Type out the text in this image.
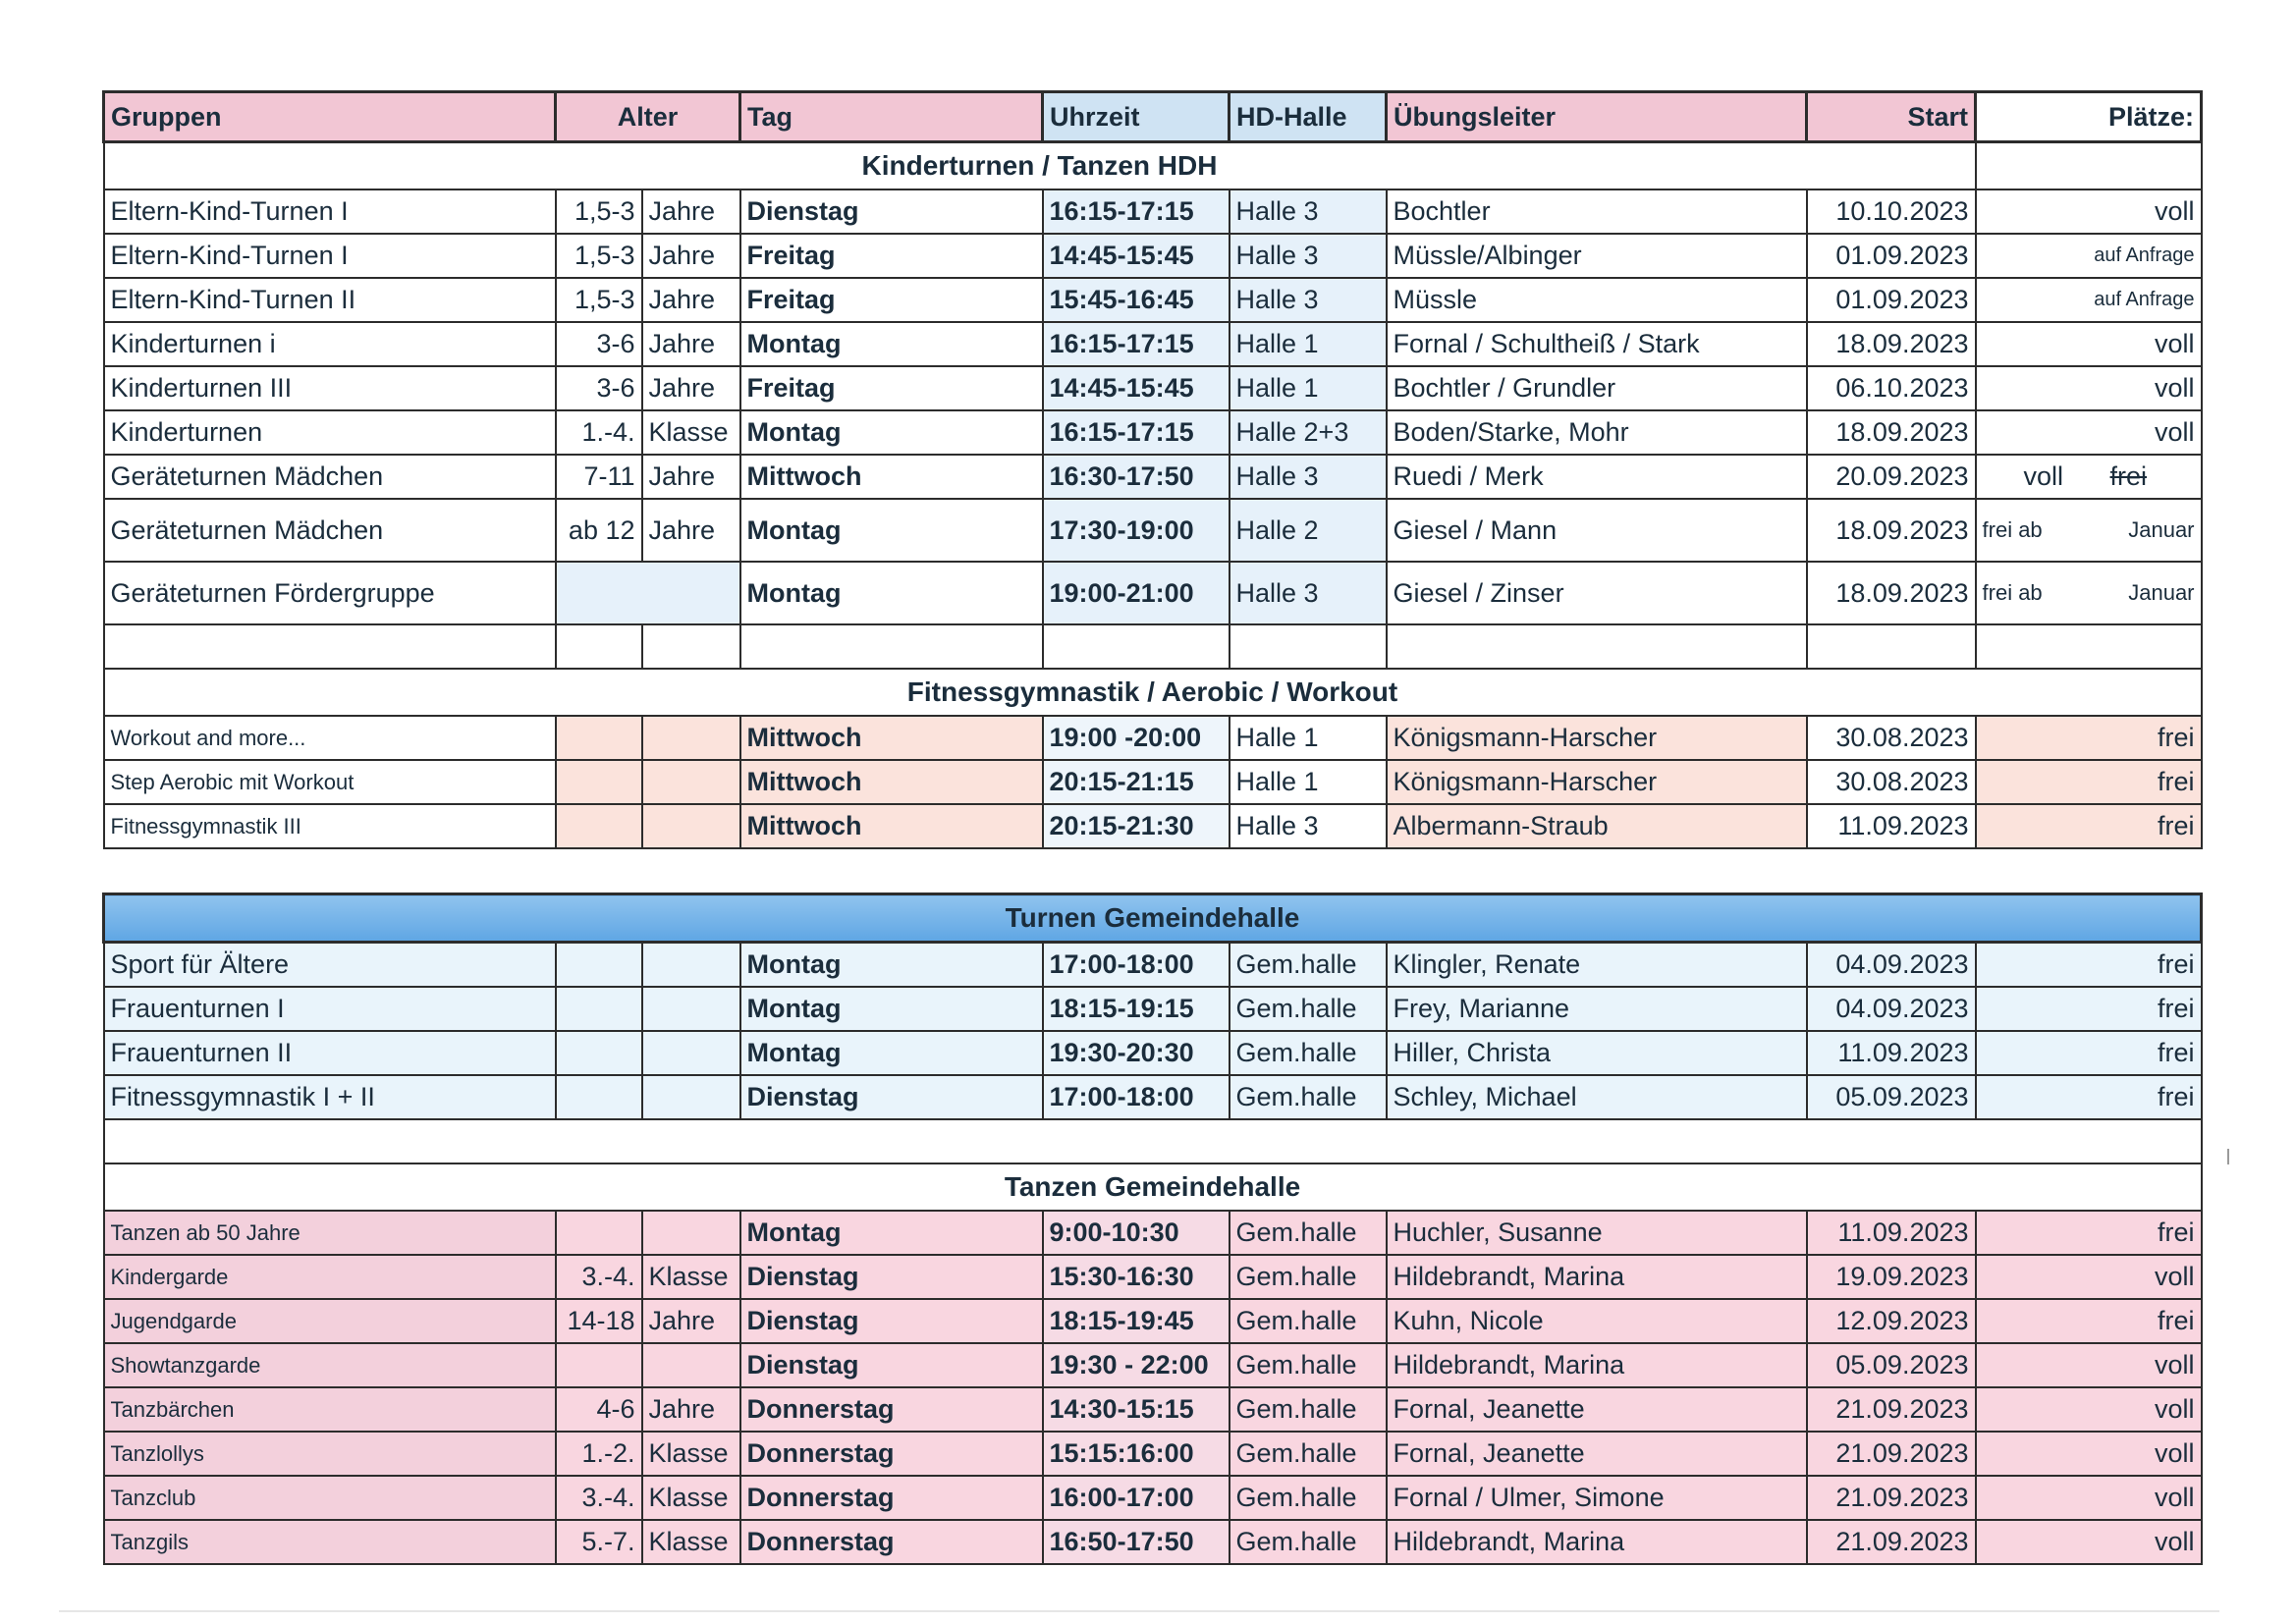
Gruppen	Alter		Tag	Uhrzeit	HD-Halle	Übungsleiter	Start	Plätze:
Kinderturnen / Tanzen HDH								
Eltern-Kind-Turnen I	1,5-3	Jahre	Dienstag	16:15-17:15	Halle 3	Bochtler	10.10.2023	voll
Eltern-Kind-Turnen I	1,5-3	Jahre	Freitag	14:45-15:45	Halle 3	Müssle/Albinger	01.09.2023	auf Anfrage
Eltern-Kind-Turnen II	1,5-3	Jahre	Freitag	15:45-16:45	Halle 3	Müssle	01.09.2023	auf Anfrage
Kinderturnen i	3-6	Jahre	Montag	16:15-17:15	Halle 1	Fornal / Schultheiß / Stark	18.09.2023	voll
Kinderturnen III	3-6	Jahre	Freitag	14:45-15:45	Halle 1	Bochtler / Grundler	06.10.2023	voll
Kinderturnen	1.-4.	Klasse	Montag	16:15-17:15	Halle 2+3	Boden/Starke, Mohr	18.09.2023	voll
Geräteturnen Mädchen	7-11	Jahre	Mittwoch	16:30-17:50	Halle 3	Ruedi / Merk	20.09.2023	voll frei
Geräteturnen Mädchen	ab 12	Jahre	Montag	17:30-19:00	Halle 2	Giesel / Mann	18.09.2023	frei ab Januar

Geräteturnen Fördergruppe			Montag	19:00-21:00	Halle 3	Giesel / Zinser	18.09.2023	frei ab Januar

Fitnessgymnastik / Aerobic / Workout								
Workout and more...			Mittwoch	19:00 -20:00	Halle 1	Königsmann-Harscher	30.08.2023	frei
Step Aerobic mit Workout			Mittwoch	20:15-21:15	Halle 1	Königsmann-Harscher	30.08.2023	frei
Fitnessgymnastik III			Mittwoch	20:15-21:30	Halle 3	Albermann-Straub	11.09.2023	frei

Turnen Gemeindehalle								
Sport für Ältere			Montag	17:00-18:00	Gem.halle	Klingler, Renate	04.09.2023	frei
Frauenturnen I			Montag	18:15-19:15	Gem.halle	Frey, Marianne	04.09.2023	frei
Frauenturnen II			Montag	19:30-20:30	Gem.halle	Hiller, Christa	11.09.2023	frei
Fitnessgymnastik I + II			Dienstag	17:00-18:00	Gem.halle	Schley, Michael	05.09.2023	frei

Tanzen Gemeindehalle								
Tanzen ab 50 Jahre			Montag	9:00-10:30	Gem.halle	Huchler, Susanne	11.09.2023	frei
Kindergarde	3.-4.	Klasse	Dienstag	15:30-16:30	Gem.halle	Hildebrandt, Marina	19.09.2023	voll
Jugendgarde	14-18	Jahre	Dienstag	18:15-19:45	Gem.halle	Kuhn, Nicole	12.09.2023	frei
Showtanzgarde			Dienstag	19:30 - 22:00	Gem.halle	Hildebrandt, Marina	05.09.2023	voll
Tanzbärchen	4-6	Jahre	Donnerstag	14:30-15:15	Gem.halle	Fornal, Jeanette	21.09.2023	voll
Tanzlollys	1.-2.	Klasse	Donnerstag	15:15:16:00	Gem.halle	Fornal, Jeanette	21.09.2023	voll
Tanzclub	3.-4.	Klasse	Donnerstag	16:00-17:00	Gem.halle	Fornal / Ulmer, Simone	21.09.2023	voll
Tanzgils	5.-7.	Klasse	Donnerstag	16:50-17:50	Gem.halle	Hildebrandt, Marina	21.09.2023	voll
